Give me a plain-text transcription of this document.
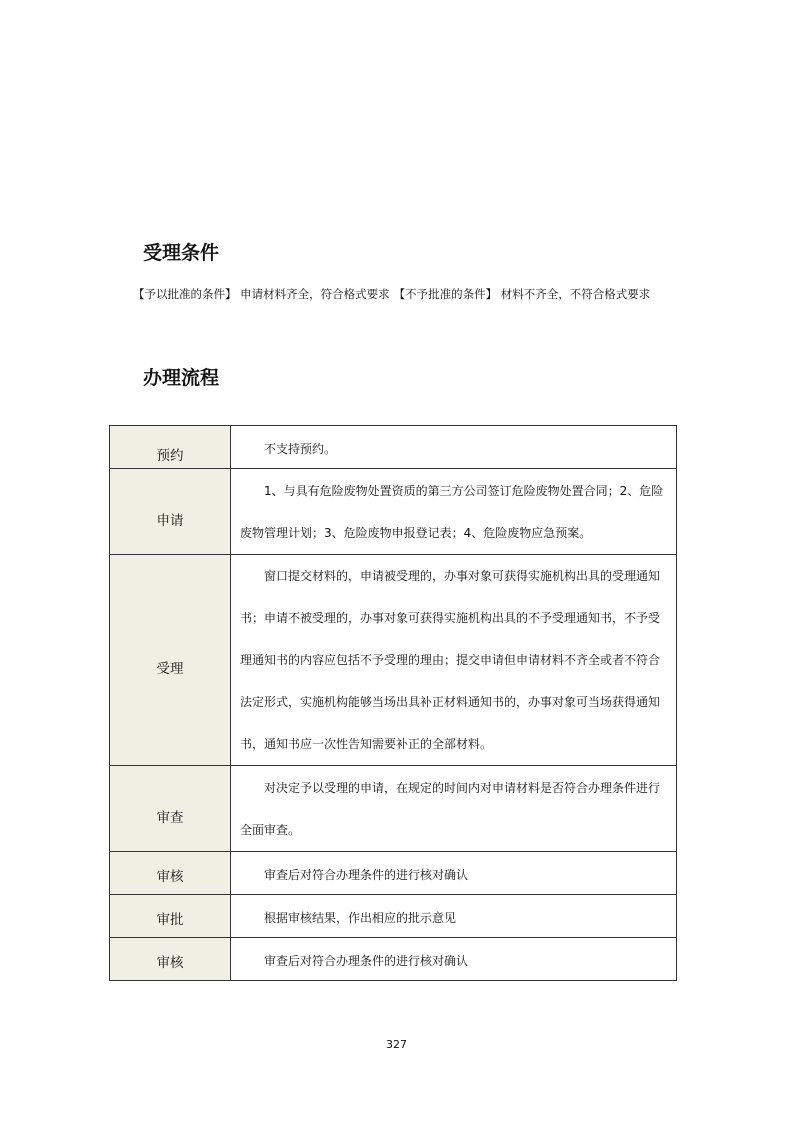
受理条件
【予以批准的条件】 申请材料齐全，符合格式要求 【不予批准的条件】 材料不齐全，不符合格式要求
办理流程
预约	不支持预约。

申请	1、与具有危险废物处置资质的第三方公司签订危险废物处置合同；2、危险废物管理计划；3、危险废物申报登记表；4、危险废物应急预案。

受理	窗口提交材料的，申请被受理的，办事对象可获得实施机构出具的受理通知书；申请不被受理的，办事对象可获得实施机构出具的不予受理通知书，不予受理通知书的内容应包括不予受理的理由；提交申请但申请材料不齐全或者不符合法定形式，实施机构能够当场出具补正材料通知书的，办事对象可当场获得通知书，通知书应一次性告知需要补正的全部材料。

审查	对决定予以受理的申请，在规定的时间内对申请材料是否符合办理条件进行全面审查。

审核	审查后对符合办理条件的进行核对确认

审批	根据审核结果，作出相应的批示意见

审核	审查后对符合办理条件的进行核对确认

327
